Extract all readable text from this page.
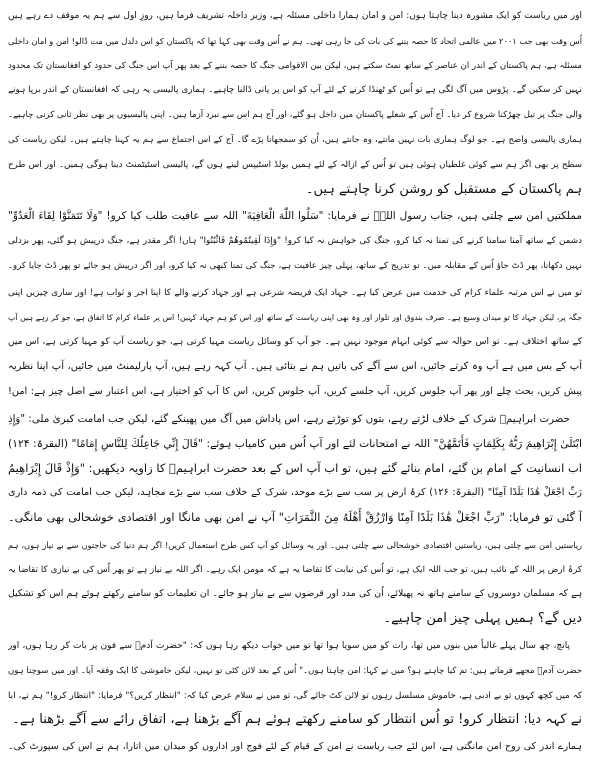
اور میں ریاست کو ایک مشورہ دینا چاہتا ہوں: امن و امان ہمارا داخلی مسئلہ ہے، وزیر داخلہ تشریف فرما ہیں، روزِ اول سے ہم یہ موقف دے رہے ہیں
اُس وقت بھی جب ۲۰۰۱ میں عالمی اتحاد کا حصہ بننے کی بات کی جا رہی تھی۔ ہم نے اُس وقت بھی کہا تھا کہ پاکستان کو اس دلدل میں مت ڈالو! امن و امان داخلی
مسئلہ ہے، ہم پاکستان کے اندر ان عناصر کے ساتھ نمٹ سکتے ہیں، لیکن بین الاقوامی جنگ کا حصہ بننے کے بعد پھر آپ اس جنگ کی حدود کو افغانستان تک محدود
نہیں کر سکیں گے۔ پڑوس میں آگ لگی ہے تو اُس کو ٹھنڈا کرنے کے لئے آپ کو اس پر پانی ڈالنا چاہیے۔ ہماری پالیسی یہ رہی کہ افغانستان کے اندر برپا ہونے
والی جنگ پر تیل چھڑکنا شروع کر دیا۔ آج اُس کے شعلے پاکستان میں داخل ہو گئے، اور آج ہم اس سے نبرد آزما ہیں۔ اپنی پالیسیوں پر بھی نظر ثانی کرنی چاہیے۔
ہماری پالیسی واضح ہے۔ جو لوگ ہماری بات نہیں مانتے، وہ جانتے ہیں، اُن کو سمجھانا پڑے گا۔ آج کے اس اجتماع سے ہم یہ کہنا چاہتے ہیں۔ لیکن ریاست کی
سطح پر بھی اگر ہم سے کوئی غلطیاں ہوئی ہیں تو اُس کے ازالہ کے لئے ہمیں بولڈ اسٹیپس لینے ہوں گے، پالیسی اسٹیٹمنٹ دینا ہوگی ہمیں۔ اور اس طرح
ہم پاکستان کے مستقبل کو روشن کرنا چاہتے ہیں۔
مملکتیں امن سے چلتی ہیں، جناب رسول اللہؐ نے فرمایا: "سَلُوا اللّٰهَ الْعَافِيَةَ" اللہ سے عافیت طلب کیا کرو! "وَلَا تَتَمَنَّوْا لِقَاءَ الْعَدُوِّ"
دشمن کے ساتھ آمنا سامنا کرنے کی تمنا نہ کیا کرو، جنگ کی خواہش نہ کیا کرو! "وَإِذَا لَقِيتُمُوهُمْ فَاثْبُتُوا" ہاں! اگر مقدر ہے، جنگ درپیش ہو گئی، پھر بزدلی
نہیں دکھانا، پھر ڈٹ جاؤ اُس کے مقابلہ میں۔ تو تدریج کے ساتھ، پہلی چیز عافیت ہے، جنگ کی تمنا کبھی نہ کیا کرو، اور اگر درپیش ہو جائے تو پھر ڈٹ جایا کرو۔
تو میں نے اس مرتبہ علماء کرام کی خدمت میں عرض کیا ہے۔ جہاد ایک فریضہ شرعی ہے اور جہاد کرنے والے کا اپنا اجر و ثواب ہے! اور ساری چیزیں اپنی
جگہ پر، لیکن جہاد کا تو میدان وسیع ہے۔ صرف بندوق اور تلوار اور وہ بھی اپنی ریاست کے ساتھ اور اس کو ہم جہاد کہیں! اس پر علماء کرام کا اتفاق ہے، جو کر رہے ہیں آپ
کے ساتھ اختلاف ہے۔ تو اس حوالہ سے کوئی ابہام موجود نہیں ہے۔ جو آپ کو وسائل ریاست مہیا کرتی ہے، جو ریاست آپ کو مہیا کرتی ہے، اس میں
آپ کے بس میں ہے آپ وہ کرتے جائیں، اس سے آگے کی باتیں ہم نے بتائی ہیں۔ آپ کہہ رہے ہیں، آپ پارلیمنٹ میں جائیں، آپ اپنا نظریہ
پیش کریں، بحث چلے اور پھر آپ جلوس کریں، آپ جلسے کریں، آپ جلوس کریں، اس کا آپ کو اختیار ہے، اس اعتبار سے اصل چیز ہے: امن!
حضرت ابراہیمؑ شرک کے خلاف لڑتے رہے، بتوں کو توڑتے رہے، اس پاداش میں آگ میں پھینکے گئے، لیکن جب امامت کبریٰ ملی: "وَإِذِ
ابْتَلَىٰ إِبْرَاهِيمَ رَبُّهُ بِكَلِمَاتٍ فَأَتَمَّهُنَّ" اللہ نے امتحانات لئے اور آپ اُس میں کامیاب ہوئے: "قَالَ إِنِّي جَاعِلُكَ لِلنَّاسِ إِمَامًا" (البقرۃ: ۱۲۴)
اب انسانیت کے امام بن گئے، امام بنائے گئے ہیں، تو اب آپ اس کے بعد حضرت ابراہیمؑ کا زاویہ دیکھیں: "وَإِذْ قَالَ إِبْرَاهِيمُ
رَبِّ اجْعَلْ هَٰذَا بَلَدًا آمِنًا" (البقرۃ: ۱۲۶) کرۂ ارض پر سب سے بڑے موحد، شرک کے خلاف سب سے بڑے مجاہد، لیکن جب امامت کی ذمہ داری
آ گئی تو فرمایا: "رَبِّ اجْعَلْ هَٰذَا بَلَدًا آمِنًا وَارْزُقْ أَهْلَهُ مِنَ الثَّمَرَاتِ" آپ نے امن بھی مانگا اور اقتصادی خوشحالی بھی مانگی۔
ریاستیں امن سے چلتی ہیں، ریاستیں اقتصادی خوشحالی سے چلتی ہیں۔ اور یہ وسائل کو آپ کس طرح استعمال کریں! اگر ہم دنیا کی حاجتوں سے بے نیاز ہوں، ہم
کرۂ ارض پر اللہ کے نائب ہیں، تو جب اللہ ایک ہے، تو اُس کی نیابت کا تقاضا یہ ہے کہ مومن ایک رہے۔ اگر اللہ بے نیاز ہے تو پھر اُس کی بے نیازی کا تقاضا یہ
ہے کہ مسلمان دوسروں کے سامنے ہاتھ نہ پھیلائے، اُن کی مدد اور قرضوں سے بے نیاز ہو جائے۔ ان تعلیمات کو سامنے رکھتے ہوئے ہم اس کو تشکیل
دیں گے؟ ہمیں پہلی چیز امن چاہیے۔
پانچ، چھ سال پہلے غالباً میں بنوں میں تھا، رات کو میں سویا ہوا تھا تو میں خواب دیکھ رہا ہوں کہ: "حضرت آدمؑ سے فون پر بات کر رہا ہوں، اور
حضرت آدمؑ مجھے فرماتے ہیں: تم کیا چاہتے ہو؟ میں نے کہا: امن چاہتا ہوں۔" اُس کے بعد لائن کٹی تو نہیں، لیکن خاموشی کا ایک وقفہ آیا۔ اور میں سوچتا ہوں
کہ میں کچھ کہوں تو بے ادبی ہے، خاموش مسلسل رہوں تو لائن کٹ جائے گی، تو میں نے سلام عرض کیا کہ: "انتظار کریں؟" فرمایا: "انتظار کرو!" ہم نے، ابا
نے کہہ دیا: انتظار کرو! تو اُس انتظار کو سامنے رکھتے ہوئے ہم آگے بڑھنا ہے، اتفاق رائے سے آگے بڑھنا ہے۔
ہمارے اندر کی روح امن مانگتی ہے، اس لئے جب ریاست نے امن کے قیام کے لئے فوج اور اداروں کو میدان میں اتارا، ہم نے اس کی سپورٹ کی۔
